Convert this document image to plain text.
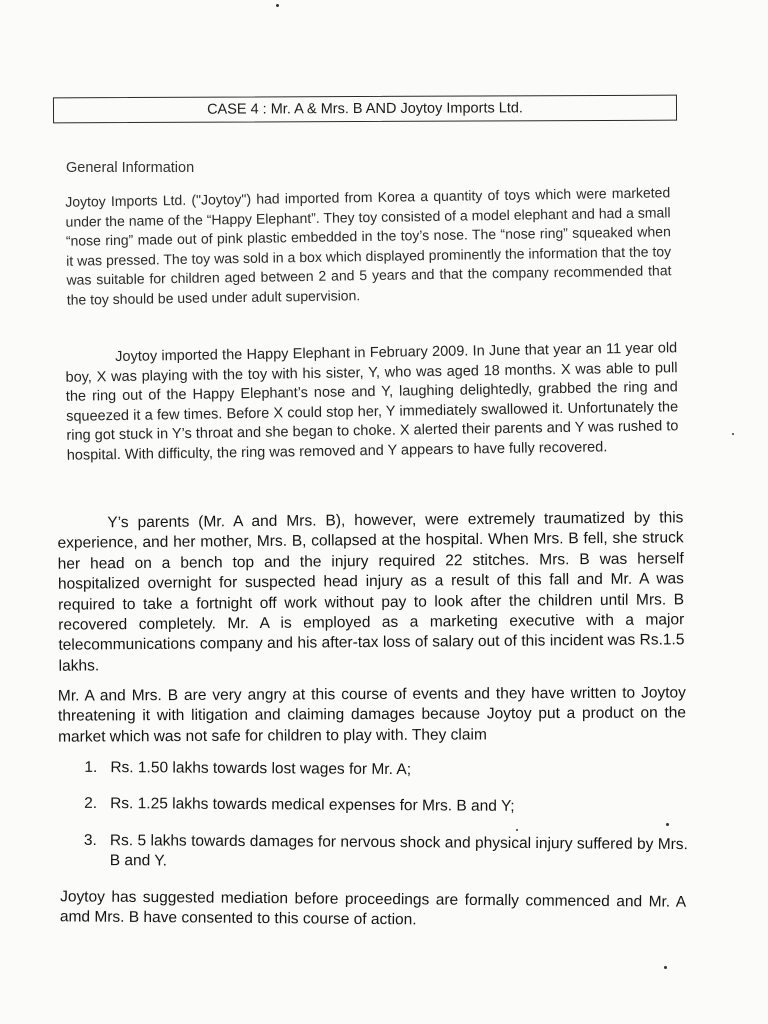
CASE 4 : Mr. A & Mrs. B AND Joytoy Imports Ltd.
General Information

Joytoy Imports Ltd. ("Joytoy") had imported from Korea a quantity of toys which were marketed under the name of the “Happy Elephant”. They toy consisted of a model elephant and had a small “nose ring” made out of pink plastic embedded in the toy’s nose. The “nose ring” squeaked when it was pressed. The toy was sold in a box which displayed prominently the information that the toy was suitable for children aged between 2 and 5 years and that the company recommended that the toy should be used under adult supervision.

Joytoy imported the Happy Elephant in February 2009. In June that year an 11 year old boy, X was playing with the toy with his sister, Y, who was aged 18 months. X was able to pull the ring out of the Happy Elephant’s nose and Y, laughing delightedly, grabbed the ring and squeezed it a few times. Before X could stop her, Y immediately swallowed it. Unfortunately the ring got stuck in Y’s throat and she began to choke. X alerted their parents and Y was rushed to hospital. With difficulty, the ring was removed and Y appears to have fully recovered.

Y’s parents (Mr. A and Mrs. B), however, were extremely traumatized by this experience, and her mother, Mrs. B, collapsed at the hospital. When Mrs. B fell, she struck her head on a bench top and the injury required 22 stitches. Mrs. B was herself hospitalized overnight for suspected head injury as a result of this fall and Mr. A was required to take a fortnight off work without pay to look after the children until Mrs. B recovered completely. Mr. A is employed as a marketing executive with a major telecommunications company and his after-tax loss of salary out of this incident was Rs.1.5 lakhs.

Mr. A and Mrs. B are very angry at this course of events and they have written to Joytoy threatening it with litigation and claiming damages because Joytoy put a product on the market which was not safe for children to play with. They claim

1. Rs. 1.50 lakhs towards lost wages for Mr. A;
2. Rs. 1.25 lakhs towards medical expenses for Mrs. B and Y;
3. Rs. 5 lakhs towards damages for nervous shock and physical injury suffered by Mrs. B and Y.

Joytoy has suggested mediation before proceedings are formally commenced and Mr. A amd Mrs. B have consented to this course of action.
